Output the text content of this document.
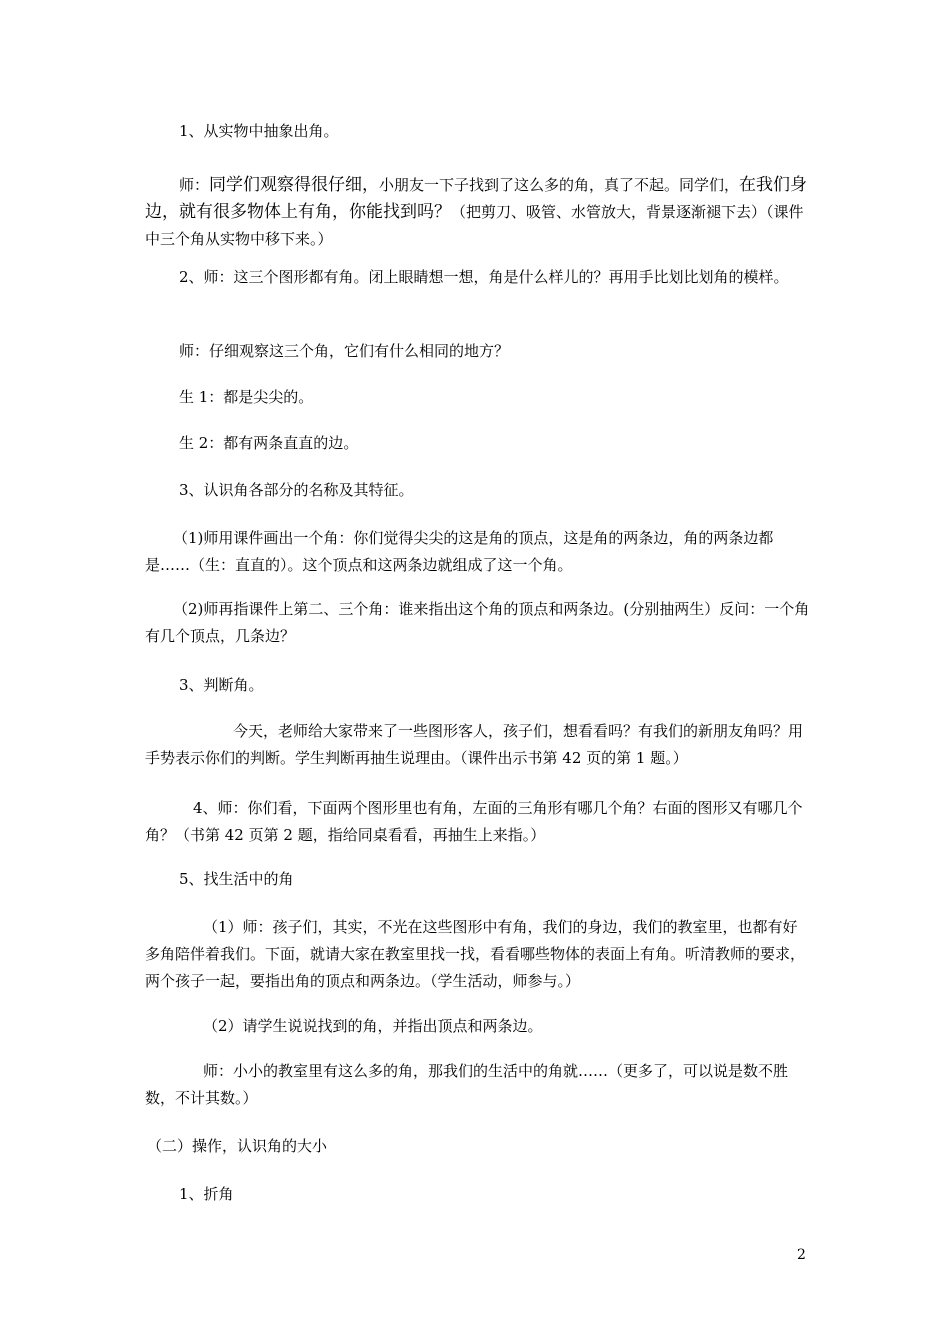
1、从实物中抽象出角。

师：同学们观察得很仔细，小朋友一下子找到了这么多的角，真了不起。同学们，在我们身边，就有很多物体上有角，你能找到吗？（把剪刀、吸管、水管放大，背景逐渐褪下去）（课件中三个角从实物中移下来。）

2、师：这三个图形都有角。闭上眼睛想一想，角是什么样儿的？再用手比划比划角的模样。

师：仔细观察这三个角，它们有什么相同的地方？

生 1：都是尖尖的。

生 2：都有两条直直的边。

3、认识角各部分的名称及其特征。

（1)师用课件画出一个角：你们觉得尖尖的这是角的顶点，这是角的两条边，角的两条边都是……（生：直直的）。这个顶点和这两条边就组成了这一个角。

（2)师再指课件上第二、三个角：谁来指出这个角的顶点和两条边。(分别抽两生）反问：一个角有几个顶点，几条边？

3、判断角。

今天，老师给大家带来了一些图形客人，孩子们，想看看吗？有我们的新朋友角吗？用手势表示你们的判断。学生判断再抽生说理由。（课件出示书第 42 页的第 1 题。）

4、师：你们看，下面两个图形里也有角，左面的三角形有哪几个角？右面的图形又有哪几个角？（书第 42 页第 2 题，指给同桌看看，再抽生上来指。）

5、找生活中的角

（1）师：孩子们，其实，不光在这些图形中有角，我们的身边，我们的教室里，也都有好多角陪伴着我们。下面，就请大家在教室里找一找，看看哪些物体的表面上有角。听清教师的要求，两个孩子一起，要指出角的顶点和两条边。（学生活动，师参与。）

（2）请学生说说找到的角，并指出顶点和两条边。

师：小小的教室里有这么多的角，那我们的生活中的角就……（更多了，可以说是数不胜数，不计其数。）

（二）操作，认识角的大小

1、折角

2
